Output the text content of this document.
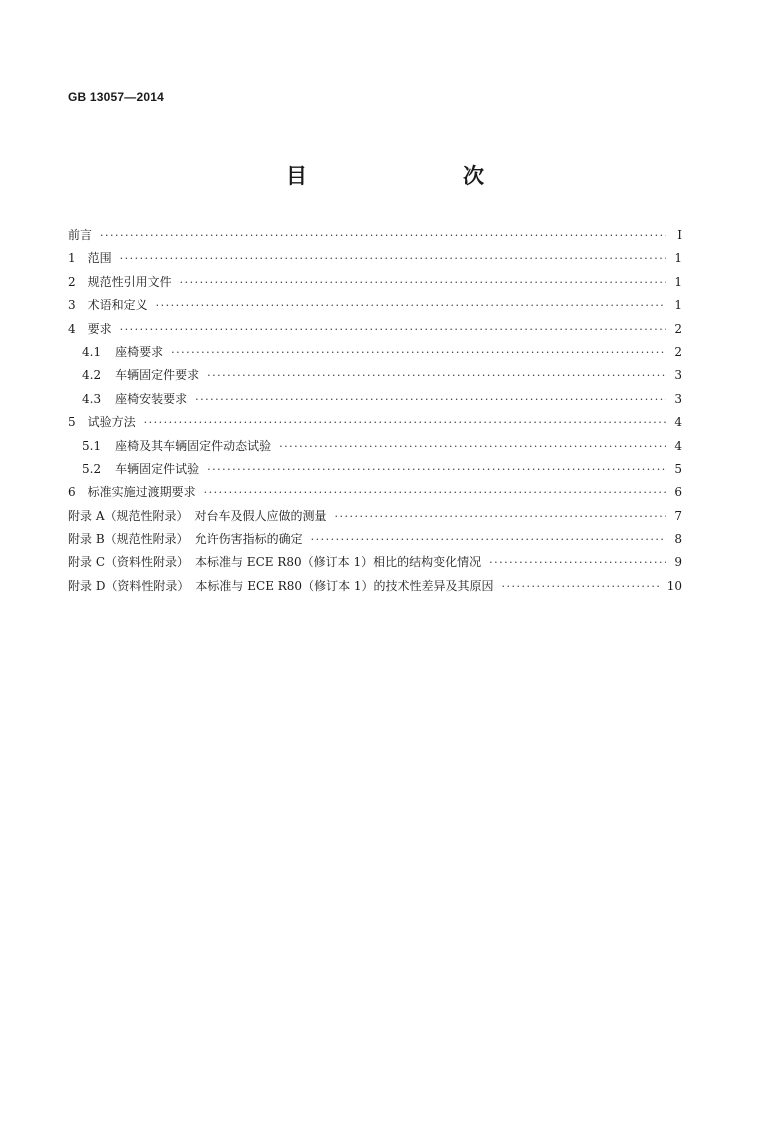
GB 13057—2014
目　　次
前言 ·····	Ⅰ
1 范围 ·····	1
2 规范性引用文件 ·····	1
3 术语和定义 ·····	1
4 要求 ·····	2
4.1 座椅要求 ·····	2
4.2 车辆固定件要求 ·····	3
4.3 座椅安装要求 ·····	3
5 试验方法 ·····	4
5.1 座椅及其车辆固定件动态试验 ·····	4
5.2 车辆固定件试验 ·····	5
6 标准实施过渡期要求 ·····	6
附录 A（规范性附录）　对台车及假人应做的测量 ·····	7
附录 B（规范性附录）　允许伤害指标的确定 ·····	8
附录 C（资料性附录）　本标准与 ECE R80（修订本 1）相比的结构变化情况 ·····	9
附录 D（资料性附录）　本标准与 ECE R80（修订本 1）的技术性差异及其原因 ·····	10
